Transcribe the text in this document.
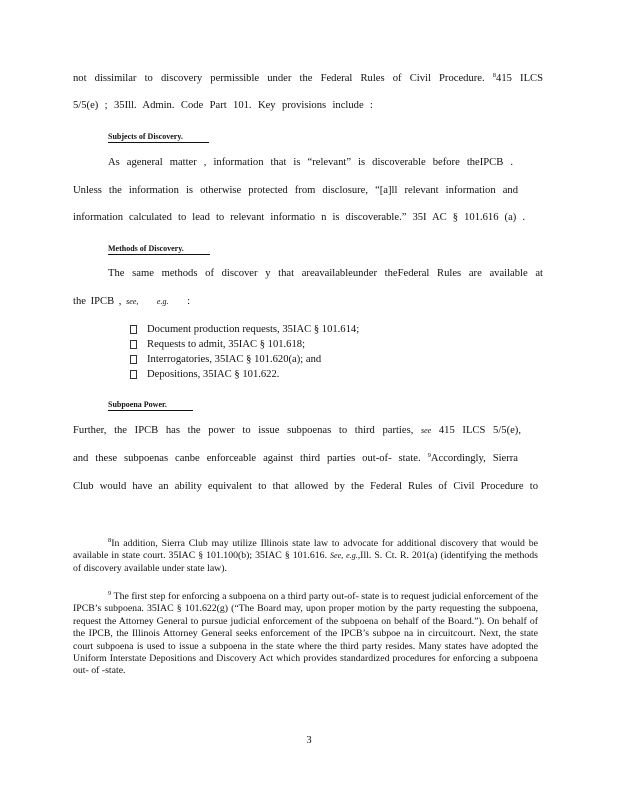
not dissimilar to discovery permissible under the Federal Rules of Civil Procedure. $^8$415 ILCS
5/5(e) ; 35Ill. Admin. Code Part 101. Key provisions include :
Subjects of Discovery.
As ageneral matter , information that is “relevant” is discoverable before theIPCB .
Unless the information is otherwise protected from disclosure, “[a]ll relevant information and
information calculated to lead to relevant informatio n is discoverable.” 35I AC § 101.616 (a) .
Methods of Discovery.
The same methods of discover y that areavailableunder theFederal Rules are available at
the IPCB , see, e.g. :
Document production requests, 35IAC § 101.614;
Requests to admit, 35IAC § 101.618;
Interrogatories, 35IAC § 101.620(a); and
Depositions, 35IAC § 101.622.
Subpoena Power.
Further, the IPCB has the power to issue subpoenas to third parties, see 415 ILCS 5/5(e),
and these subpoenas canbe enforceable against third parties out-of- state. $^9$Accordingly, Sierra
Club would have an ability equivalent to that allowed by the Federal Rules of Civil Procedure to

$^8$In addition, Sierra Club may utilize Illinois state law to advocate for additional discovery that would be available in state court. 35IAC § 101.100(b); 35IAC § 101.616. See, e.g.,Ill. S. Ct. R. 201(a) (identifying the methods of discovery available under state law).

$^9$ The first step for enforcing a subpoena on a third party out-of- state is to request judicial enforcement of the IPCB’s subpoena. 35IAC § 101.622(g) (“The Board may, upon proper motion by the party requesting the subpoena, request the Attorney General to pursue judicial enforcement of the subpoena on behalf of the Board.”). On behalf of the IPCB, the Illinois Attorney General seeks enforcement of the IPCB’s subpoe na in circuitcourt. Next, the state court subpoena is used to issue a subpoena in the state where the third party resides. Many states have adopted the Uniform Interstate Depositions and Discovery Act which provides standardized procedures for enforcing a subpoena out- of -state.

3
